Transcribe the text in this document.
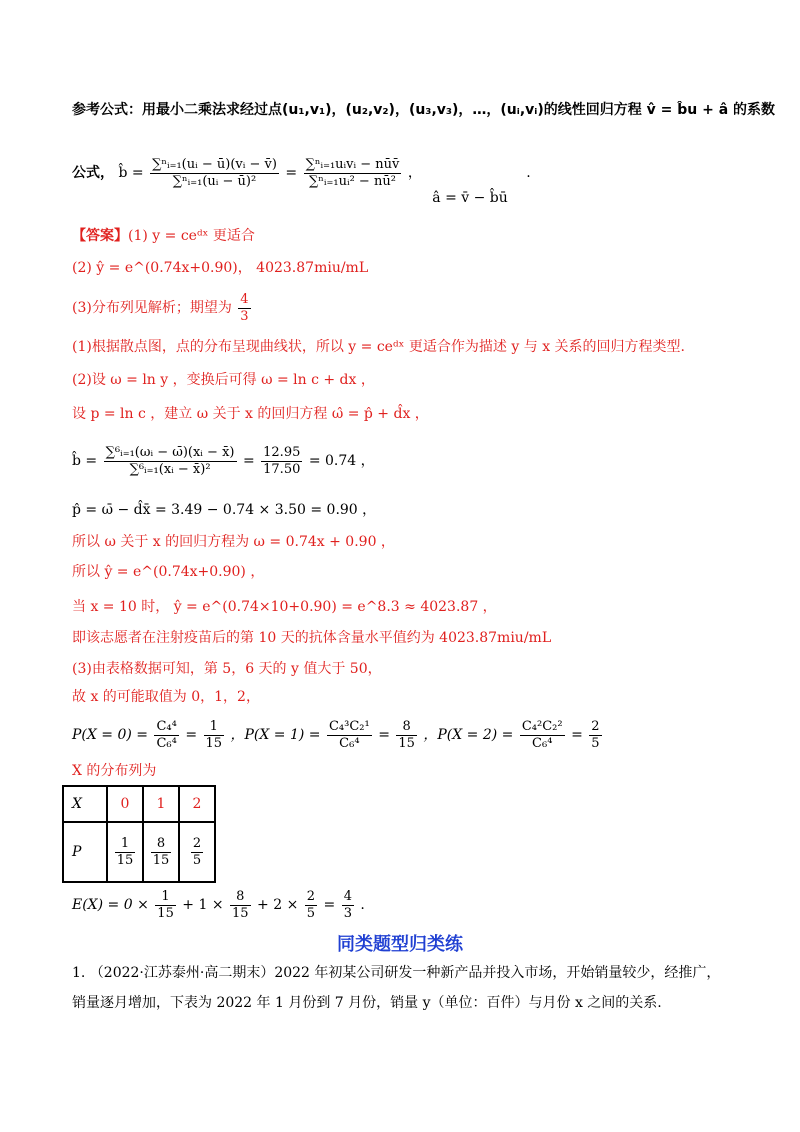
参考公式：用最小二乘法求经过点(u₁,v₁)，(u₂,v₂)，(u₃,v₃)，…，(uᵢ,vᵢ)的线性回归方程 v̂ = b̂u + â 的系数
公式， b̂ = $\frac{\text{∑ⁿᵢ₌₁(uᵢ − ū)(vᵢ − v̄)}}{\text{∑ⁿᵢ₌₁(uᵢ − ū)²}} = \frac{\text{∑ⁿᵢ₌₁uᵢvᵢ − nūv̄}}{\text{∑ⁿᵢ₌₁uᵢ² − nū²}}$ ， â = v̄ − b̂ū .
【答案】(1) y = ceᵈˣ 更适合
(2) ŷ = e^(0.74x+0.90)， 4023.87miu/mL
(3)分布列见解析；期望为 $\frac{4}{3}$
(1)根据散点图，点的分布呈现曲线状，所以 y = ceᵈˣ 更适合作为描述 y 与 x 关系的回归方程类型.
(2)设 ω = ln y ，变换后可得 ω = ln c + dx ，
设 p = ln c ，建立 ω 关于 x 的回归方程 ω̂ = p̂ + d̂x ，
b̂ = $\frac{\text{∑⁶ᵢ₌₁(ωᵢ − ω̄)(xᵢ − x̄)}}{\text{∑⁶ᵢ₌₁(xᵢ − x̄)²}} = \frac{12.95}{17.50} = 0.74$ ，
p̂ = ω̄ − d̂x̄ = 3.49 − 0.74 × 3.50 = 0.90 ，
所以 ω 关于 x 的回归方程为 ω = 0.74x + 0.90 ，
所以 ŷ = e^(0.74x+0.90) ，
当 x = 10 时， ŷ = e^(0.74×10+0.90) = e^8.3 ≈ 4023.87 ，
即该志愿者在注射疫苗后的第 10 天的抗体含量水平值约为 4023.87miu/mL
(3)由表格数据可知，第 5，6 天的 y 值大于 50，
故 x 的可能取值为 0，1，2，
$P(X = 0) = \frac{\text{C₄⁴}}{\text{C₆⁴}} = \frac{1}{15}$ ，$P(X = 1) = \frac{\text{C₄³C₂¹}}{\text{C₆⁴}} = \frac{8}{15}$ ，$P(X = 2) = \frac{\text{C₄²C₂²}}{\text{C₆⁴}} = \frac{2}{5}$
X 的分布列为
X	0	1	2
P	$\frac{1}{15}$	$\frac{8}{15}$	$\frac{2}{5}$
$E(X) = 0 \times \frac{1}{15} + 1 \times \frac{8}{15} + 2 \times \frac{2}{5} = \frac{4}{3}$ .
同类题型归类练
1. （2022·江苏泰州·高二期末）2022 年初某公司研发一种新产品并投入市场，开始销量较少，经推广，销量逐月增加，下表为 2022 年 1 月份到 7 月份，销量 y（单位：百件）与月份 x 之间的关系.
